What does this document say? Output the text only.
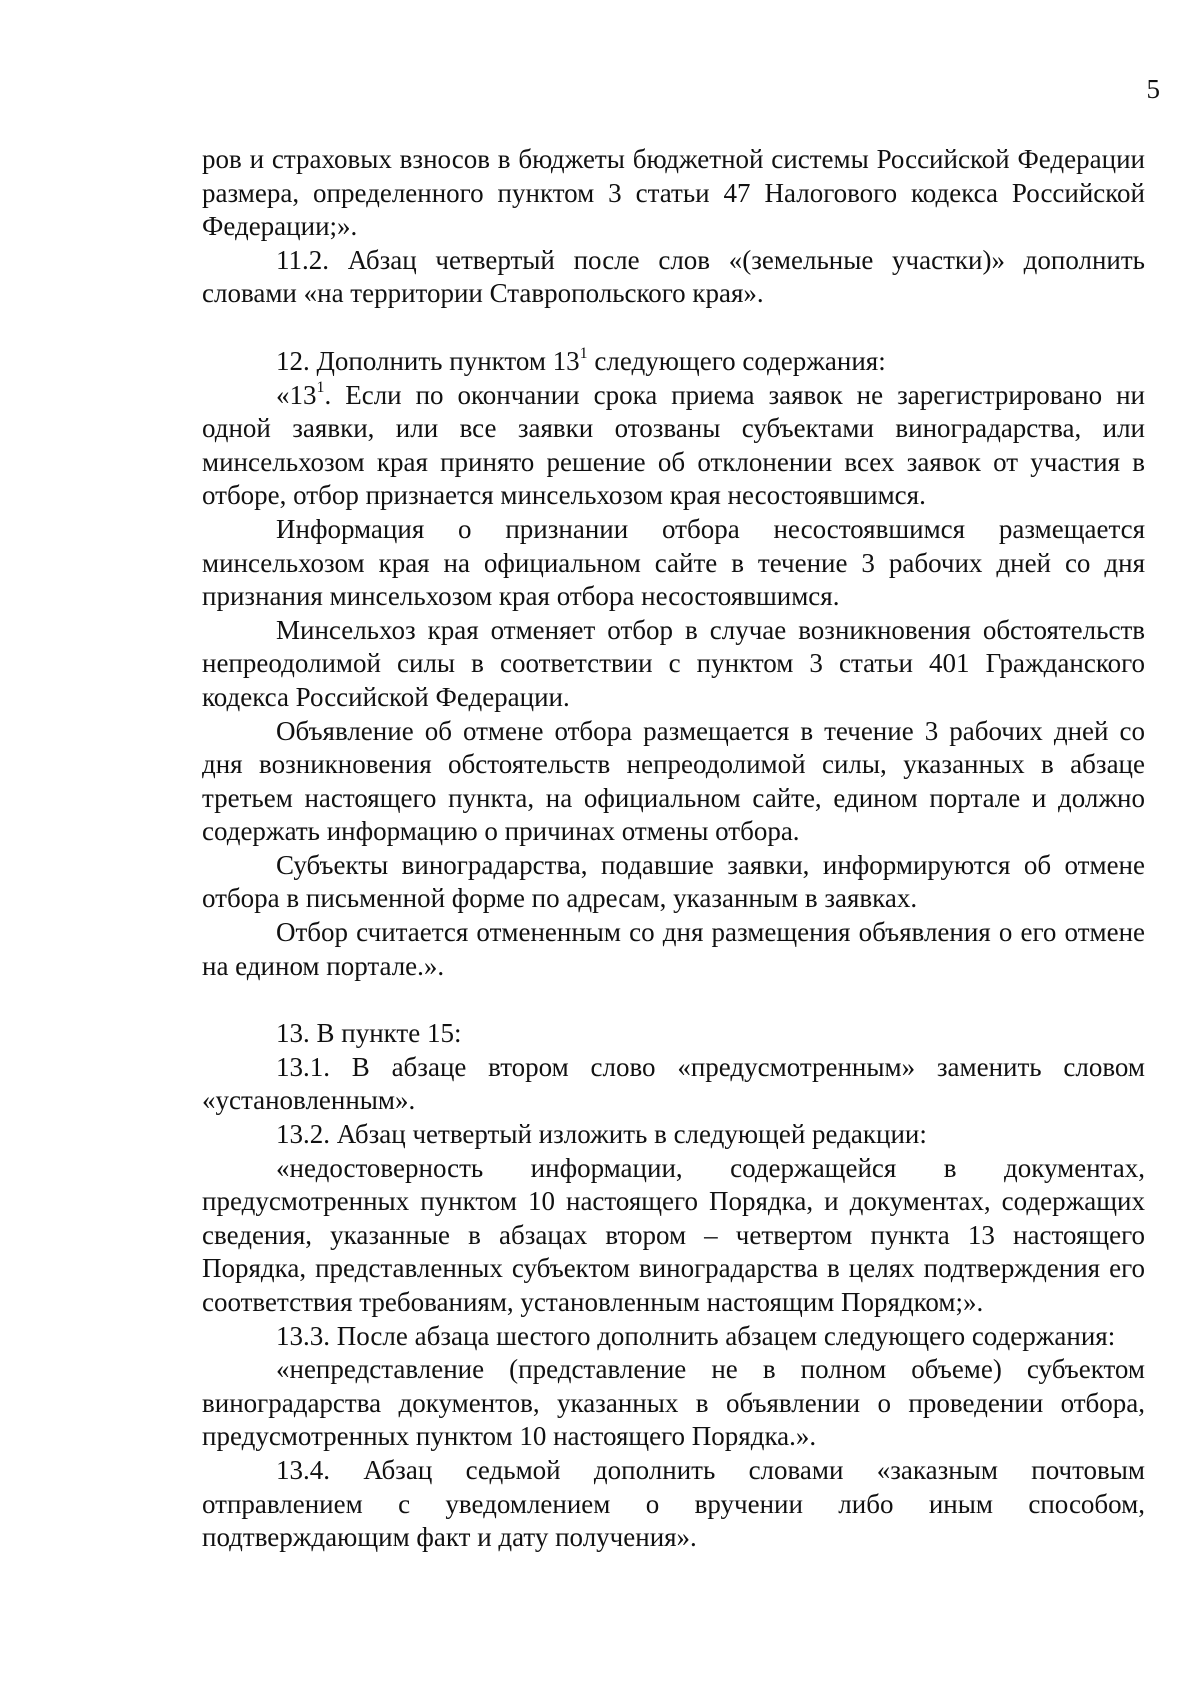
5

ров и страховых взносов в бюджеты бюджетной системы Российской Федерации размера, определенного пунктом 3 статьи 47 Налогового кодекса Российской Федерации;».

11.2. Абзац четвертый после слов «(земельные участки)» дополнить словами «на территории Ставропольского края».

12. Дополнить пунктом $13^1$ следующего содержания:

«$13^1$. Если по окончании срока приема заявок не зарегистрировано ни одной заявки, или все заявки отозваны субъектами виноградарства, или минсельхозом края принято решение об отклонении всех заявок от участия в отборе, отбор признается минсельхозом края несостоявшимся.

Информация о признании отбора несостоявшимся размещается минсельхозом края на официальном сайте в течение 3 рабочих дней со дня признания минсельхозом края отбора несостоявшимся.

Минсельхоз края отменяет отбор в случае возникновения обстоятельств непреодолимой силы в соответствии с пунктом 3 статьи 401 Гражданского кодекса Российской Федерации.

Объявление об отмене отбора размещается в течение 3 рабочих дней со дня возникновения обстоятельств непреодолимой силы, указанных в абзаце третьем настоящего пункта, на официальном сайте, едином портале и должно содержать информацию о причинах отмены отбора.

Субъекты виноградарства, подавшие заявки, информируются об отмене отбора в письменной форме по адресам, указанным в заявках.

Отбор считается отмененным со дня размещения объявления о его отмене на едином портале.».

13. В пункте 15:

13.1. В абзаце втором слово «предусмотренным» заменить словом «установленным».

13.2. Абзац четвертый изложить в следующей редакции:

«недостоверность информации, содержащейся в документах, предусмотренных пунктом 10 настоящего Порядка, и документах, содержащих сведения, указанные в абзацах втором – четвертом пункта 13 настоящего Порядка, представленных субъектом виноградарства в целях подтверждения его соответствия требованиям, установленным настоящим Порядком;».

13.3. После абзаца шестого дополнить абзацем следующего содержания:

«непредставление (представление не в полном объеме) субъектом виноградарства документов, указанных в объявлении о проведении отбора, предусмотренных пунктом 10 настоящего Порядка.».

13.4. Абзац седьмой дополнить словами «заказным почтовым отправлением с уведомлением о вручении либо иным способом, подтверждающим факт и дату получения».
